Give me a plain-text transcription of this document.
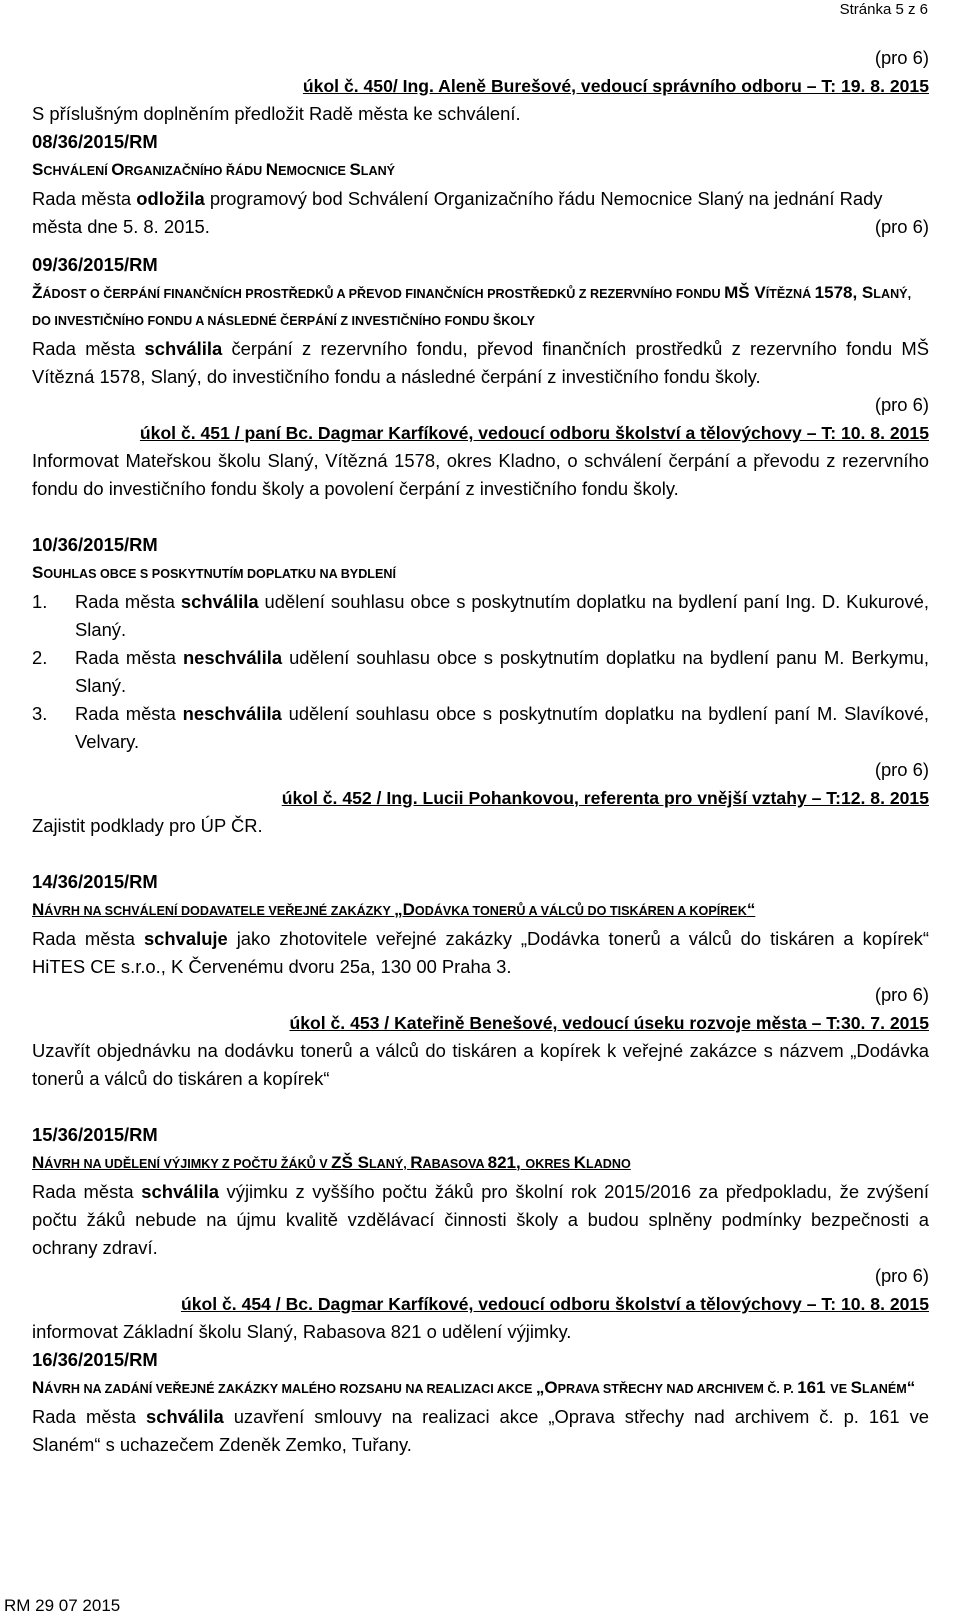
Stránka 5 z 6
(pro 6)
úkol č. 450/ Ing. Aleně Burešové, vedoucí správního odboru – T: 19. 8. 2015
S příslušným doplněním předložit Radě města ke schválení.
08/36/2015/RM
SCHVÁLENÍ ORGANIZAČNÍHO ŘÁDU NEMOCNICE SLANÝ
Rada města odložila programový bod Schválení Organizačního řádu Nemocnice Slaný na jednání Rady města dne 5. 8. 2015.	(pro 6)
09/36/2015/RM
ŽÁDOST O ČERPÁNÍ FINANČNÍCH PROSTŘEDKŮ A PŘEVOD FINANČNÍCH PROSTŘEDKŮ Z REZERVNÍHO FONDU MŠ VÍTĚZNÁ 1578, SLANÝ, DO INVESTIČNÍHO FONDU A NÁSLEDNÉ ČERPÁNÍ Z INVESTIČNÍHO FONDU ŠKOLY
Rada města schválila čerpání z rezervního fondu, převod finančních prostředků z rezervního fondu MŠ Vítězná 1578, Slaný, do investičního fondu a následné čerpání z investičního fondu školy.
(pro 6)
úkol č. 451 / paní Bc. Dagmar Karfíkové, vedoucí odboru školství a tělovýchovy – T: 10. 8. 2015
Informovat Mateřskou školu Slaný, Vítězná 1578, okres Kladno, o schválení čerpání a převodu z rezervního fondu do investičního fondu školy a povolení čerpání z investičního fondu školy.
10/36/2015/RM
SOUHLAS OBCE S POSKYTNUTÍM DOPLATKU NA BYDLENÍ
1.	Rada města schválila udělení souhlasu obce s poskytnutím doplatku na bydlení paní Ing. D. Kukurové, Slaný.
2.	Rada města neschválila udělení souhlasu obce s poskytnutím doplatku na bydlení panu M. Berkymu, Slaný.
3.	Rada města neschválila udělení souhlasu obce s poskytnutím doplatku na bydlení paní M. Slavíkové, Velvary.
(pro 6)
úkol č. 452 / Ing. Lucii Pohankovou, referenta pro vnější vztahy – T:12. 8. 2015
Zajistit podklady pro ÚP ČR.
14/36/2015/RM
NÁVRH NA SCHVÁLENÍ DODAVATELE VEŘEJNÉ ZAKÁZKY „DODÁVKA TONERŮ A VÁLCŮ DO TISKÁREN A KOPÍREK“
Rada města schvaluje jako zhotovitele veřejné zakázky „Dodávka tonerů a válců do tiskáren a kopírek“ HiTES CE s.r.o., K Červenému dvoru 25a, 130 00 Praha 3.
(pro 6)
úkol č. 453 / Kateřině Benešové, vedoucí úseku rozvoje města – T:30. 7. 2015
Uzavřít objednávku na dodávku tonerů a válců do tiskáren a kopírek k veřejné zakázce s názvem „Dodávka tonerů a válců do tiskáren a kopírek“
15/36/2015/RM
NÁVRH NA UDĚLENÍ VÝJIMKY Z POČTU ŽÁKŮ V ZŠ SLANÝ, RABASOVA 821, OKRES KLADNO
Rada města schválila výjimku z vyššího počtu žáků pro školní rok 2015/2016 za předpokladu, že zvýšení počtu žáků nebude na újmu kvalitě vzdělávací činnosti školy a budou splněny podmínky bezpečnosti a ochrany zdraví.
(pro 6)
úkol č. 454 / Bc. Dagmar Karfíkové, vedoucí odboru školství a tělovýchovy – T: 10. 8. 2015
informovat Základní školu Slaný, Rabasova 821 o udělení výjimky.
16/36/2015/RM
NÁVRH NA ZADÁNÍ VEŘEJNÉ ZAKÁZKY MALÉHO ROZSAHU NA REALIZACI AKCE „OPRAVA STŘECHY NAD ARCHIVEM Č. P. 161 VE SLANÉM“
Rada města schválila uzavření smlouvy na realizaci akce „Oprava střechy nad archivem č. p. 161 ve Slaném“ s uchazečem Zdeněk Zemko, Tuřany.
RM 29 07 2015
